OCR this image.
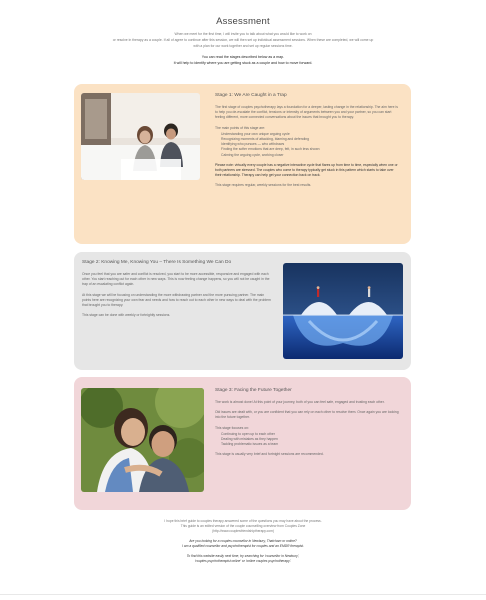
Assessment

When we meet for the first time, I will invite you to talk about what you would like to work on

or resolve in therapy as a couple. If all of agree to continue after this session, we will then set up individual assessment sessions. When these are completed, we will come up

with a plan for our work together and set up regular sessions time.

You can read the stages described below as a map.

It will help to identify where you are getting stuck as a couple and how to move forward.

Stage 1: We Are Caught in a Trap

The first stage of couples psychotherapy lays a foundation for a deeper, lasting change in the relationship. The aim here is to help you de-escalate the conflict, tensions or intensity of arguments between you and your partner, so you can start feeling different, more connected conversations about the issues that brought you to therapy.

The main points of this stage are:

Understanding your own unique arguing cycle
Recognizing moments of attacking, blaming and defending
Identifying who pursues — who withdraws
Finding the softer emotions that are deep, felt, in such less shown
Calming the arguing cycle, working closer

Please note: virtually every couple has a negative interactive cycle that flares up from time to time, especially when one or both partners are stressed. The couples who come to therapy typically get stuck in this pattern which starts to take over their relationship. Therapy can help get your connection back on track.

This stage requires regular, weekly sessions for the best results.

Stage 2: Knowing Me, Knowing You – There Is Something We Can Do

Once you feel that you are safer and conflict is resolved, you start to be more accessible, responsive and engaged with each other. You start reaching out for each other in new ways. This is now feeling change happens, so you will not be caught in the trap of an escalating conflict again.

At this stage we will be focusing on understanding the more withdrawing partner and the more pursuing partner. The main points here are recognizing your own fear and needs and how to reach out to each other in new ways to deal with the problem that brought you to therapy.

This stage can be done with weekly or fortnightly sessions.

Stage 3: Facing the Future Together

The work is almost done! At this point of your journey, both of you can feel safe, engaged and trusting each other.

Old issues are dealt with, or you are confident that you can rely on each other to resolve them. Once again you are looking into the future together.

This stage focuses on:

Continuing to open up to each other
Dealing with mistakes as they happen
Tackling problematic issues as a team

This stage is usually very brief and fortnight sessions are recommended.

I hope this brief guide to couples therapy answered some of the questions you may have about the process.

This guide is an edited version of the couple counselling overview from Couples Zone

(http://www.couplesfriendshiptherapy.com)

Are you looking for a couples counsellor in Newbury, Thatcham or online?

I am a qualified counsellor and psychotherapist for couples and an EMDR therapist.

To find this website easily next time, try searching for 'counsellor in Newbury',

'couples psychotherapist online' or 'online couples psychotherapy'.
